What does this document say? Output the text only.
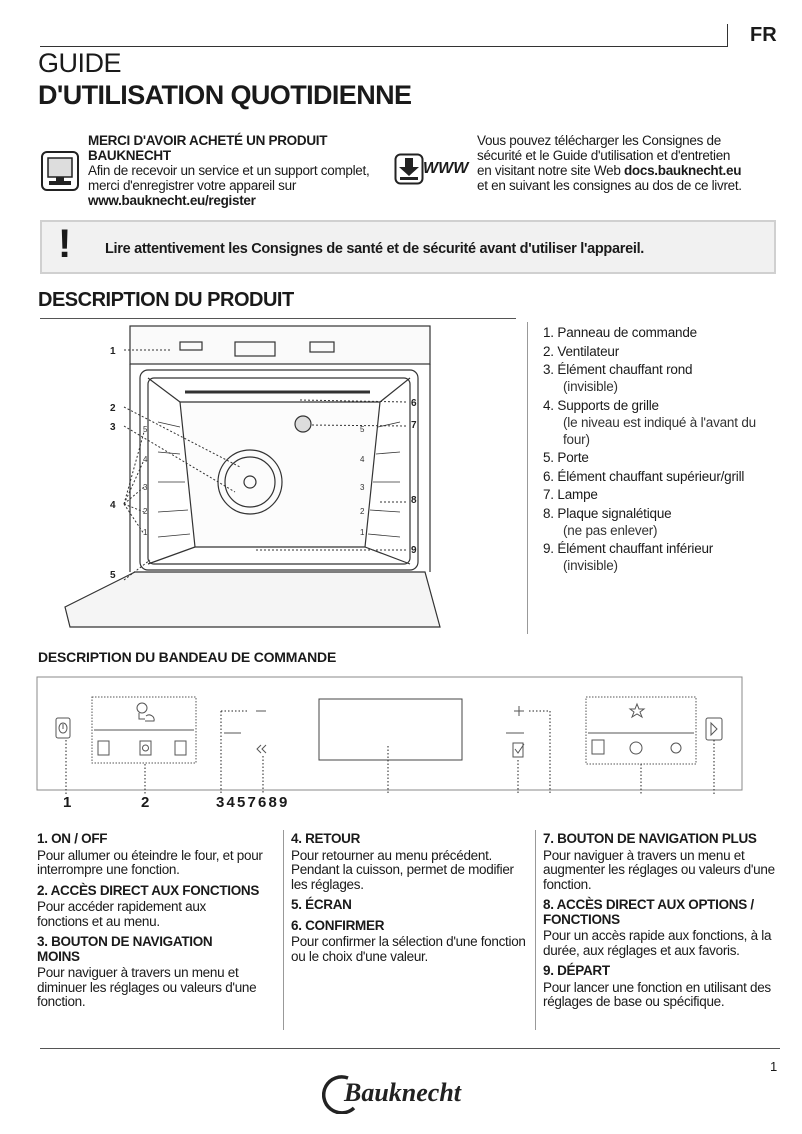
FR
GUIDE
D'UTILISATION QUOTIDIENNE
MERCI D'AVOIR ACHETÉ UN PRODUIT BAUKNECHT
Afin de recevoir un service et un support complet, merci d'enregistrer votre appareil sur www.bauknecht.eu/register
WWW
Vous pouvez télécharger les Consignes de sécurité et le Guide d'utilisation et d'entretien en visitant notre site Web docs.bauknecht.eu et en suivant les consignes au dos de ce livret.
! Lire attentivement les Consignes de santé et de sécurité avant d'utiliser l'appareil.
DESCRIPTION DU PRODUIT
1
2
3
4
5
6
7
8
9
5
4
3
2
1
5
4
3
2
1
1. Panneau de commande
2. Ventilateur
3. Élément chauffant rond
(invisible)
4. Supports de grille
(le niveau est indiqué à l'avant du four)
5. Porte
6. Élément chauffant supérieur/grill
7. Lampe
8. Plaque signalétique
(ne pas enlever)
9. Élément chauffant inférieur
(invisible)
DESCRIPTION DU BANDEAU DE COMMANDE
1	2	3 4 5 7 6 8 9
1. ON / OFF

Pour allumer ou éteindre le four, et pour interrompre une fonction.

2. ACCÈS DIRECT AUX FONCTIONS

Pour accéder rapidement aux fonctions et au menu.

3. BOUTON DE NAVIGATION MOINS

Pour naviguer à travers un menu et diminuer les réglages ou valeurs d'une fonction.

4. RETOUR

Pour retourner au menu précédent. Pendant la cuisson, permet de modifier les réglages.

5. ÉCRAN
6. CONFIRMER

Pour confirmer la sélection d'une fonction ou le choix d'une valeur.

7. BOUTON DE NAVIGATION PLUS

Pour naviguer à travers un menu et augmenter les réglages ou valeurs d'une fonction.

8. ACCÈS DIRECT AUX OPTIONS / FONCTIONS

Pour un accès rapide aux fonctions, à la durée, aux réglages et aux favoris.

9. DÉPART

Pour lancer une fonction en utilisant des réglages de base ou spécifique.

1
Bauknecht
